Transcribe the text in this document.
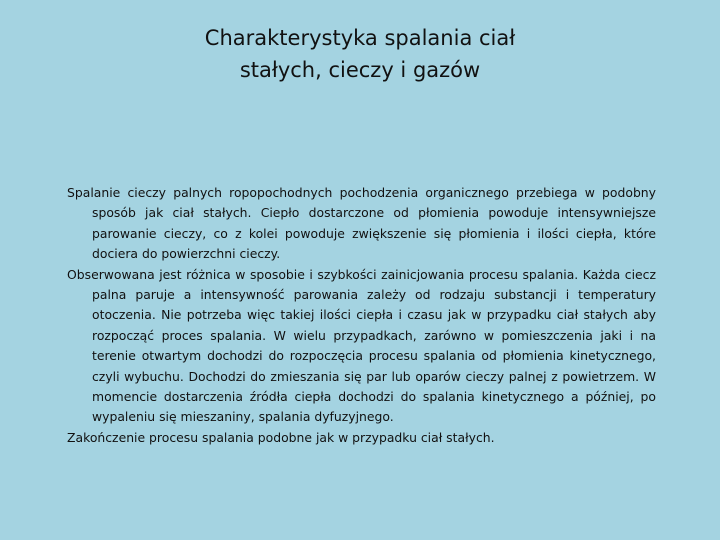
Charakterystyka spalania ciał
stałych, cieczy i gazów

Spalanie cieczy palnych ropopochodnych pochodzenia organicznego przebiega w podobny sposób jak ciał stałych. Ciepło dostarczone od płomienia powoduje intensywniejsze parowanie cieczy, co z kolei powoduje zwiększenie się płomienia i ilości ciepła, które dociera do powierzchni cieczy.

Obserwowana jest różnica w sposobie i szybkości zainicjowania procesu spalania. Każda ciecz palna paruje a intensywność parowania zależy od rodzaju substancji i temperatury otoczenia. Nie potrzeba więc takiej ilości ciepła i czasu jak w przypadku ciał stałych aby rozpocząć proces spalania. W wielu przypadkach, zarówno w pomieszczenia jaki i na terenie otwartym dochodzi do rozpoczęcia procesu spalania od płomienia kinetycznego, czyli wybuchu. Dochodzi do zmieszania się par lub oparów cieczy palnej z powietrzem. W momencie dostarczenia źródła ciepła dochodzi do spalania kinetycznego a później, po wypaleniu się mieszaniny, spalania dyfuzyjnego.

Zakończenie procesu spalania podobne jak w przypadku ciał stałych.
